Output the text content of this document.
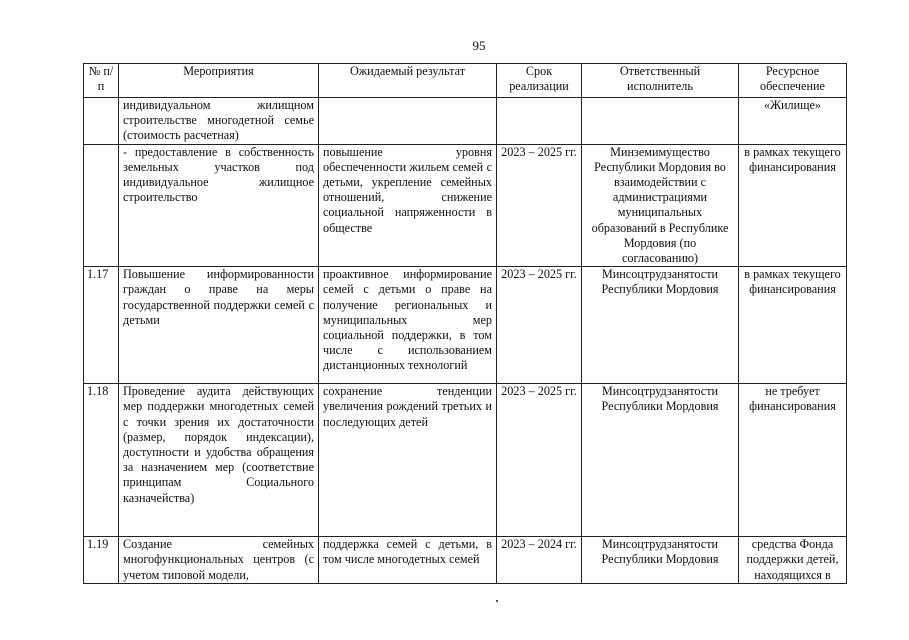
95
№ п/п	Мероприятия	Ожидаемый результат	Срок реализации	Ответственный исполнитель	Ресурсное обеспечение
	индивидуальном жилищном строительстве многодетной семье (стоимость расчетная)				«Жилище»
	- предоставление в собственность земельных участков под индивидуальное жилищное строительство	повышение уровня обеспеченности жильем семей с детьми, укрепление семейных отношений, снижение социальной напряженности в обществе	2023 – 2025 гг.	Минземимущество Республики Мордовия во взаимодействии с администрациями муниципальных образований в Республике Мордовия (по согласованию)	в рамках текущего финансирования
1.17	Повышение информированности граждан о праве на меры государственной поддержки семей с детьми	проактивное информирование семей с детьми о праве на получение региональных и муниципальных мер социальной поддержки, в том числе с использованием дистанционных технологий	2023 – 2025 гг.	Минсоцтрудзанятости Республики Мордовия	в рамках текущего финансирования
1.18	Проведение аудита действующих мер поддержки многодетных семей с точки зрения их достаточности (размер, порядок индексации), доступности и удобства обращения за назначением мер (соответствие принципам Социального казначейства)	сохранение тенденции увеличения рождений третьих и последующих детей	2023 – 2025 гг.	Минсоцтрудзанятости Республики Мордовия	не требует финансирования
1.19	Создание семейных многофункциональных центров (с учетом типовой модели,	поддержка семей с детьми, в том числе многодетных семей	2023 – 2024 гг.	Минсоцтрудзанятости Республики Мордовия	средства Фонда поддержки детей, находящихся в
